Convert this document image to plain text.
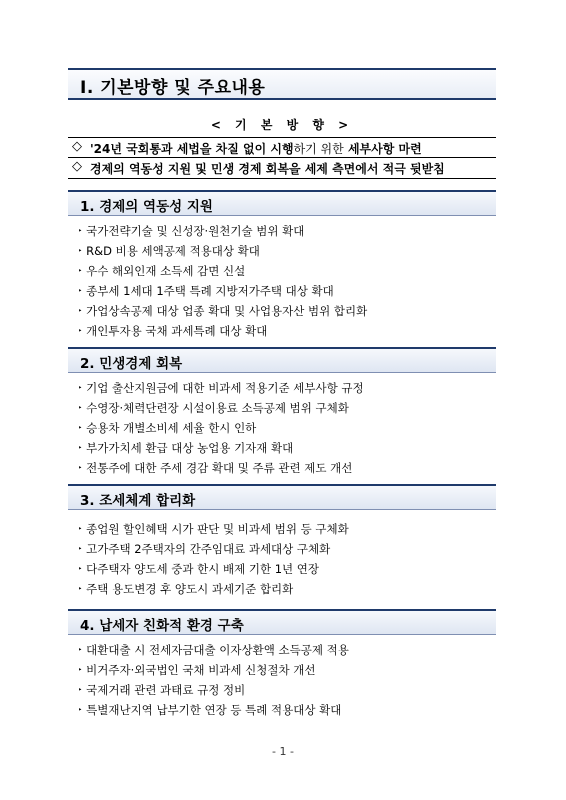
Ⅰ. 기본방향 및 주요내용
< 기 본 방 향 >
◇ '24년 국회통과 세법을 차질 없이 시행하기 위한 세부사항 마련
◇ 경제의 역동성 지원 및 민생 경제 회복을 세제 측면에서 적극 뒷받침
1. 경제의 역동성 지원
‣ 국가전략기술 및 신성장·원천기술 범위 확대
‣ R&D 비용 세액공제 적용대상 확대
‣ 우수 해외인재 소득세 감면 신설
‣ 종부세 1세대 1주택 특례 지방저가주택 대상 확대
‣ 가업상속공제 대상 업종 확대 및 사업용자산 범위 합리화
‣ 개인투자용 국채 과세특례 대상 확대
2. 민생경제 회복
‣ 기업 출산지원금에 대한 비과세 적용기준 세부사항 규정
‣ 수영장·체력단련장 시설이용료 소득공제 범위 구체화
‣ 승용차 개별소비세 세율 한시 인하
‣ 부가가치세 환급 대상 농업용 기자재 확대
‣ 전통주에 대한 주세 경감 확대 및 주류 관련 제도 개선
3. 조세체계 합리화
‣ 종업원 할인혜택 시가 판단 및 비과세 범위 등 구체화
‣ 고가주택 2주택자의 간주임대료 과세대상 구체화
‣ 다주택자 양도세 중과 한시 배제 기한 1년 연장
‣ 주택 용도변경 후 양도시 과세기준 합리화
4. 납세자 친화적 환경 구축
‣ 대환대출 시 전세자금대출 이자상환액 소득공제 적용
‣ 비거주자·외국법인 국채 비과세 신청절차 개선
‣ 국제거래 관련 과태료 규정 정비
‣ 특별재난지역 납부기한 연장 등 특례 적용대상 확대
- 1 -
